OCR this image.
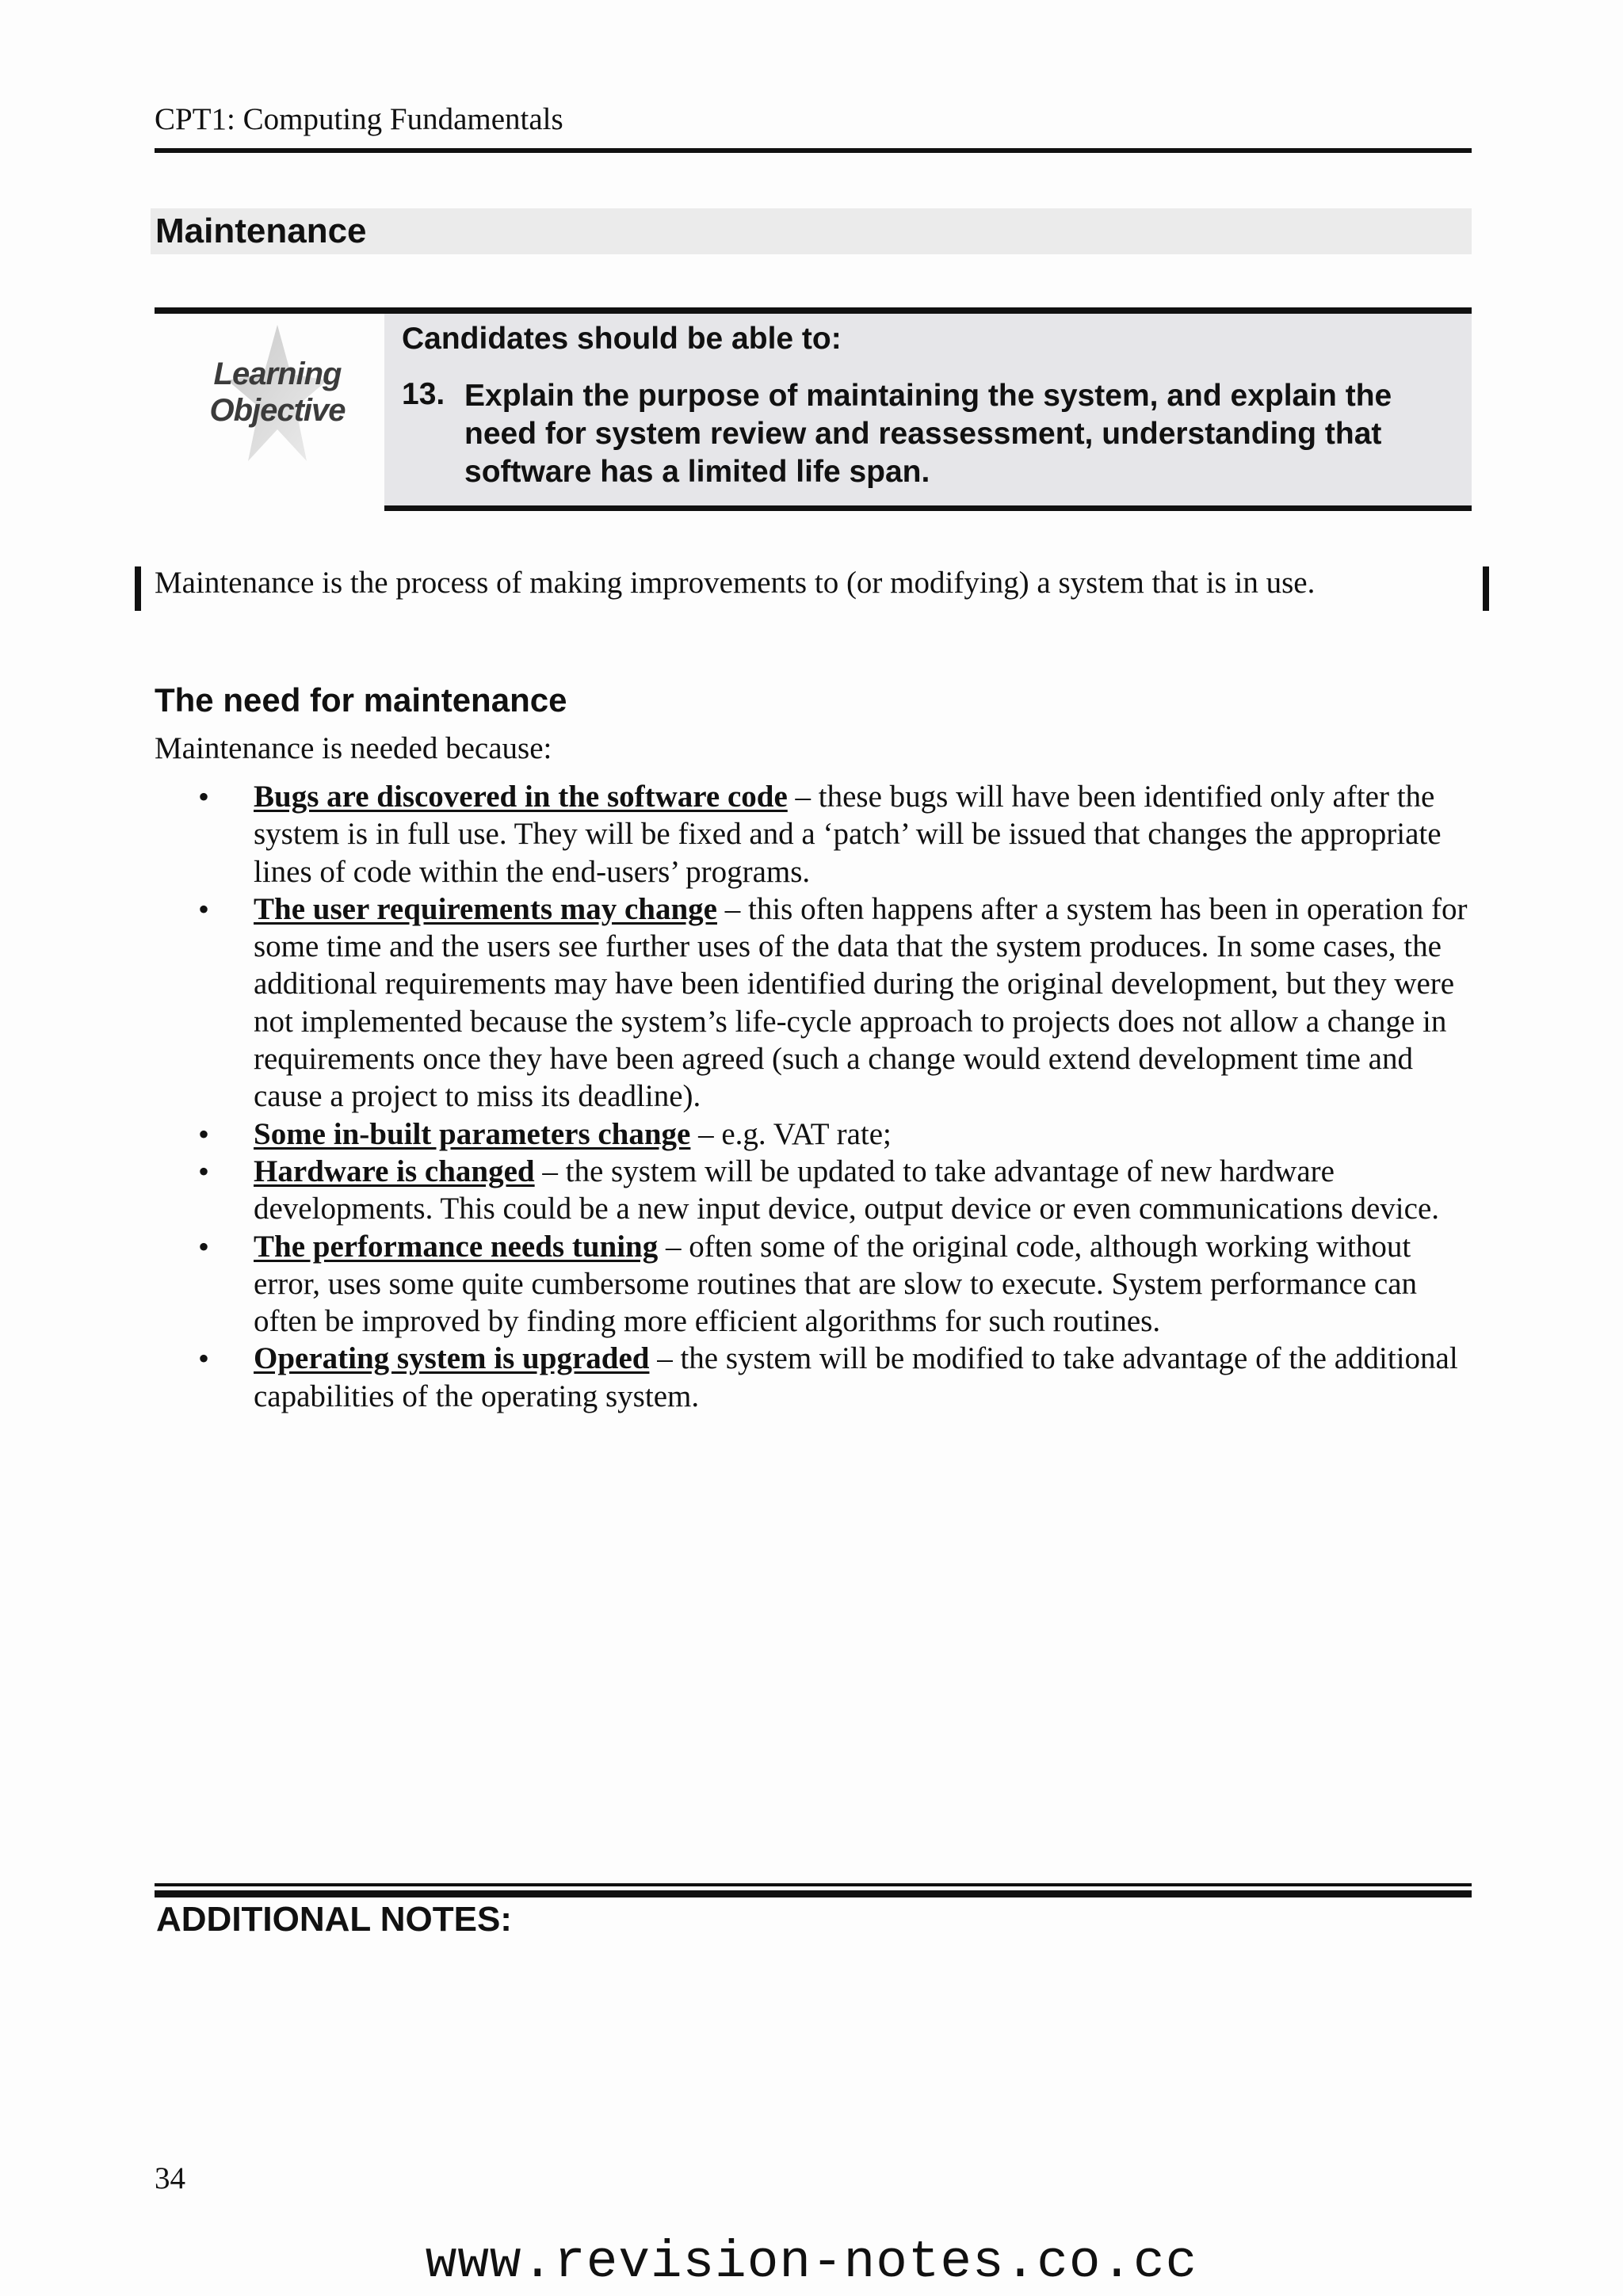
CPT1: Computing Fundamentals
Maintenance
Learning
Objective
Candidates should be able to:
13. Explain the purpose of maintaining the system, and explain the need for system review and reassessment, understanding that software has a limited life span.
Maintenance is the process of making improvements to (or modifying) a system that is in use.
The need for maintenance
Maintenance is needed because:
• Bugs are discovered in the software code – these bugs will have been identified only after the system is in full use. They will be fixed and a ‘patch’ will be issued that changes the appropriate lines of code within the end-users’ programs.
• The user requirements may change – this often happens after a system has been in operation for some time and the users see further uses of the data that the system produces. In some cases, the additional requirements may have been identified during the original development, but they were not implemented because the system’s life-cycle approach to projects does not allow a change in requirements once they have been agreed (such a change would extend development time and cause a project to miss its deadline).
• Some in-built parameters change – e.g. VAT rate;
• Hardware is changed – the system will be updated to take advantage of new hardware developments. This could be a new input device, output device or even communications device.
• The performance needs tuning – often some of the original code, although working without error, uses some quite cumbersome routines that are slow to execute. System performance can often be improved by finding more efficient algorithms for such routines.
• Operating system is upgraded – the system will be modified to take advantage of the additional capabilities of the operating system.
ADDITIONAL NOTES:
34
www.revision-notes.co.cc
